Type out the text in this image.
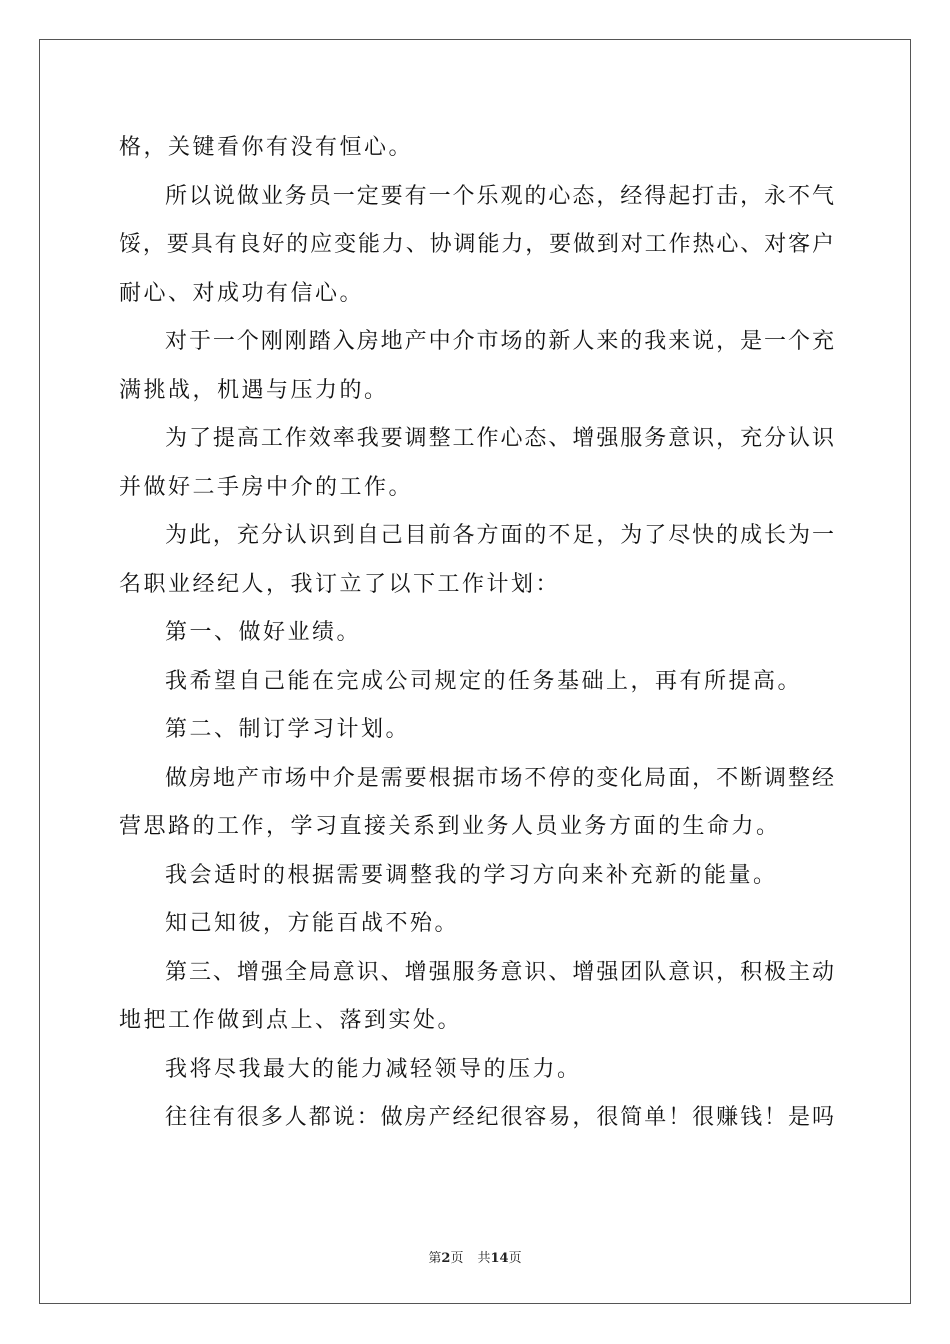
格，关键看你有没有恒心。
所以说做业务员一定要有一个乐观的心态，经得起打击，永不气
馁，要具有良好的应变能力、协调能力，要做到对工作热心、对客户
耐心、对成功有信心。
对于一个刚刚踏入房地产中介市场的新人来的我来说，是一个充
满挑战，机遇与压力的。
为了提高工作效率我要调整工作心态、增强服务意识，充分认识
并做好二手房中介的工作。
为此，充分认识到自己目前各方面的不足，为了尽快的成长为一
名职业经纪人，我订立了以下工作计划：
第一、做好业绩。
我希望自己能在完成公司规定的任务基础上，再有所提高。
第二、制订学习计划。
做房地产市场中介是需要根据市场不停的变化局面，不断调整经
营思路的工作，学习直接关系到业务人员业务方面的生命力。
我会适时的根据需要调整我的学习方向来补充新的能量。
知己知彼，方能百战不殆。
第三、增强全局意识、增强服务意识、增强团队意识，积极主动
地把工作做到点上、落到实处。
我将尽我最大的能力减轻领导的压力。
往往有很多人都说：做房产经纪很容易，很简单！很赚钱！是吗
第2页 共14页
